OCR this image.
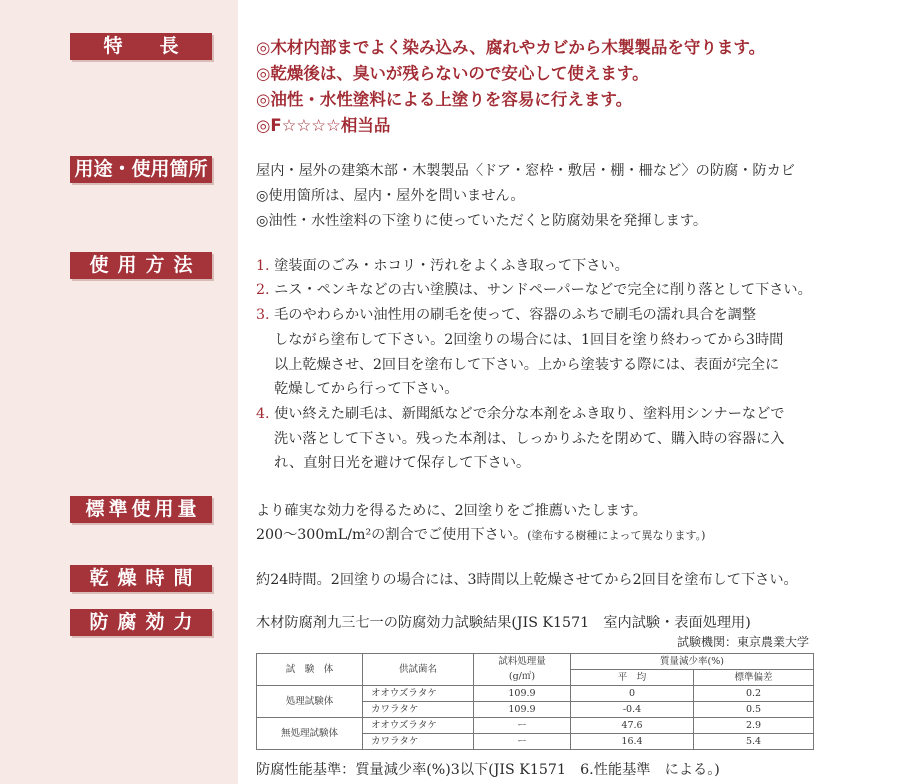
特　長
用途・使用箇所
使用方法
標準使用量
乾燥時間
防腐効力
◎木材内部までよく染み込み、腐れやカビから木製製品を守ります。
◎乾燥後は、臭いが残らないので安心して使えます。
◎油性・水性塗料による上塗りを容易に行えます。
◎F☆☆☆☆相当品
屋内・屋外の建築木部・木製製品〈ドア・窓枠・敷居・棚・柵など〉の防腐・防カビ
◎使用箇所は、屋内・屋外を問いません。
◎油性・水性塗料の下塗りに使っていただくと防腐効果を発揮します。
1. 塗装面のごみ・ホコリ・汚れをよくふき取って下さい。
2. ニス・ペンキなどの古い塗膜は、サンドペーパーなどで完全に削り落として下さい。
3. 毛のやわらかい油性用の刷毛を使って、容器のふちで刷毛の濡れ具合を調整
しながら塗布して下さい。2回塗りの場合には、1回目を塗り終わってから3時間
以上乾燥させ、2回目を塗布して下さい。上から塗装する際には、表面が完全に
乾燥してから行って下さい。
4. 使い終えた刷毛は、新聞紙などで余分な本剤をふき取り、塗料用シンナーなどで
洗い落として下さい。残った本剤は、しっかりふたを閉めて、購入時の容器に入
れ、直射日光を避けて保存して下さい。
より確実な効力を得るために、2回塗りをご推薦いたします。
200～300mL/m²の割合でご使用下さい。(塗布する樹種によって異なります。)
約24時間。2回塗りの場合には、3時間以上乾燥させてから2回目を塗布して下さい。
木材防腐剤九三七一の防腐効力試験結果(JIS K1571　室内試験・表面処理用)
試験機関：東京農業大学
試　験　体	供試菌名	試料処理量	質量減少率(%)	
		(g/㎡)	平　均	標準偏差
処理試験体	オオウズラタケ	109.9	0	0.2
	カワラタケ	109.9	-0.4	0.5
無処理試験体	オオウズラタケ	ー	47.6	2.9
	カワラタケ	ー	16.4	5.4
防腐性能基準：質量減少率(%)3以下(JIS K1571　6.性能基準　による。)
